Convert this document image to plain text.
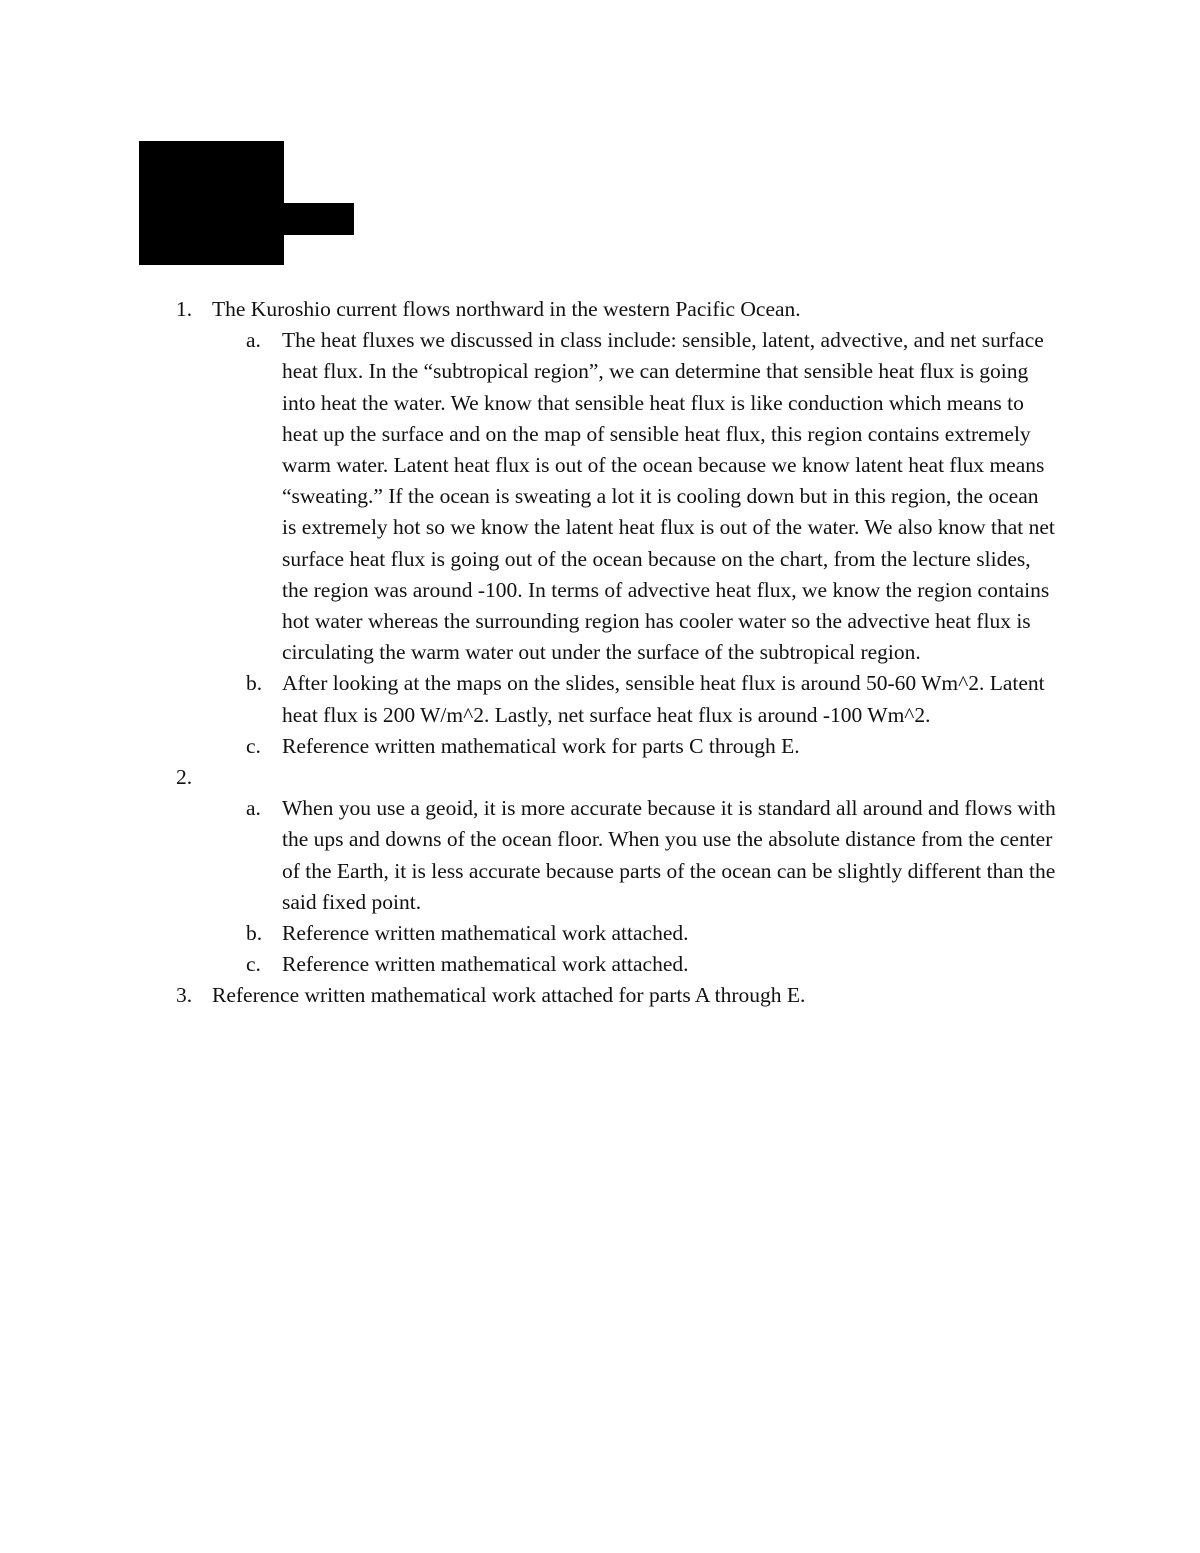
1. The Kuroshio current flows northward in the western Pacific Ocean.
a. The heat fluxes we discussed in class include: sensible, latent, advective, and net surface heat flux. In the “subtropical region”, we can determine that sensible heat flux is going into heat the water. We know that sensible heat flux is like conduction which means to heat up the surface and on the map of sensible heat flux, this region contains extremely warm water. Latent heat flux is out of the ocean because we know latent heat flux means “sweating.” If the ocean is sweating a lot it is cooling down but in this region, the ocean is extremely hot so we know the latent heat flux is out of the water. We also know that net surface heat flux is going out of the ocean because on the chart, from the lecture slides, the region was around -100. In terms of advective heat flux, we know the region contains hot water whereas the surrounding region has cooler water so the advective heat flux is circulating the warm water out under the surface of the subtropical region.
b. After looking at the maps on the slides, sensible heat flux is around 50-60 Wm^2. Latent heat flux is 200 W/m^2. Lastly, net surface heat flux is around -100 Wm^2.
c. Reference written mathematical work for parts C through E.
2.
a. When you use a geoid, it is more accurate because it is standard all around and flows with the ups and downs of the ocean floor. When you use the absolute distance from the center of the Earth, it is less accurate because parts of the ocean can be slightly different than the said fixed point.
b. Reference written mathematical work attached.
c. Reference written mathematical work attached.
3. Reference written mathematical work attached for parts A through E.
